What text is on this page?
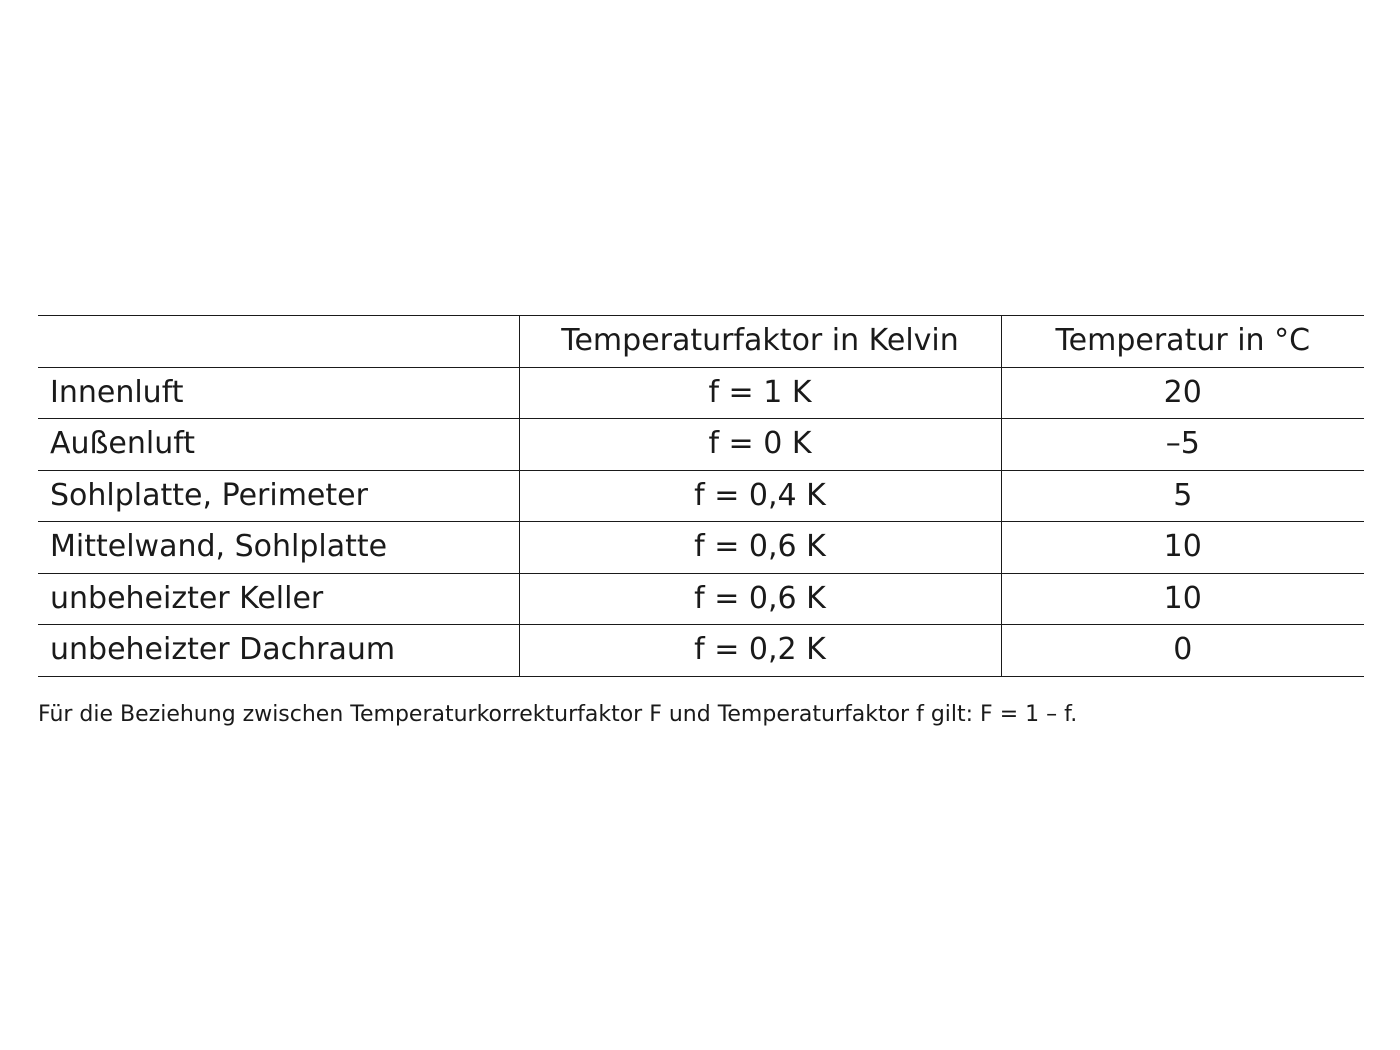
	Temperaturfaktor in Kelvin	Temperatur in °C
Innenluft	f = 1 K	20
Außenluft	f = 0 K	–5
Sohlplatte, Perimeter	f = 0,4 K	5
Mittelwand, Sohlplatte	f = 0,6 K	10
unbeheizter Keller	f = 0,6 K	10
unbeheizter Dachraum	f = 0,2 K	0
Für die Beziehung zwischen Temperaturkorrekturfaktor F und Temperaturfaktor f gilt: F = 1 – f.
